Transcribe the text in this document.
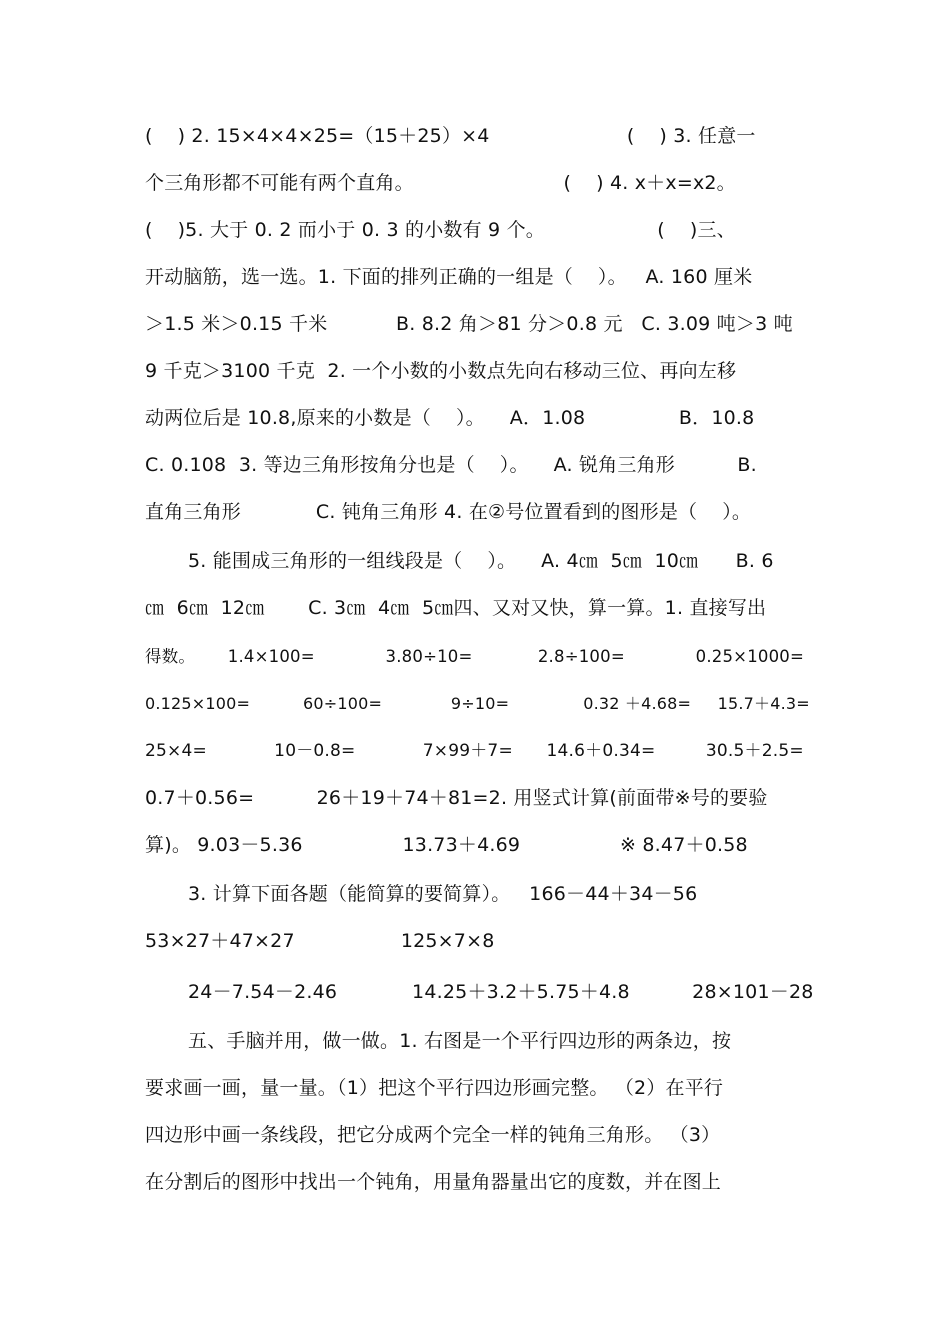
(    ) 2. 15×4×4×25=（15＋25）×4                      (    ) 3. 任意一
个三角形都不可能有两个直角。                        (    ) 4. x＋x=x2。
(    )5. 大于 0. 2 而小于 0. 3 的小数有 9 个。                  (    )三、
开动脑筋，选一选。1. 下面的排列正确的一组是（    ）。   A. 160 厘米
＞1.5 米＞0.15 千米           B. 8.2 角＞81 分＞0.8 元   C. 3.09 吨＞3 吨
9 千克＞3100 千克  2. 一个小数的小数点先向右移动三位、再向左移
动两位后是 10.8,原来的小数是（    ）。    A．1.08               B．10.8
C. 0.108  3. 等边三角形按角分也是（    ）。    A. 锐角三角形          B.
直角三角形            C. 钝角三角形 4. 在②号位置看到的图形是（    ）。
5. 能围成三角形的一组线段是（    ）。    A. 4㎝  5㎝  10㎝      B. 6
㎝  6㎝  12㎝       C. 3㎝  4㎝  5㎝四、又对又快，算一算。1. 直接写出
得数。      1.4×100=             3.80÷10=            2.8÷100=             0.25×1000=
0.125×100=          60÷100=             9÷10=              0.32 ＋4.68=     15.7＋4.3=
25×4=            10－0.8=            7×99＋7=      14.6＋0.34=         30.5＋2.5=
0.7＋0.56=          26＋19＋74＋81=2. 用竖式计算(前面带※号的要验
算)。 9.03－5.36                13.73＋4.69                ※ 8.47＋0.58
3. 计算下面各题（能简算的要简算）。   166－44＋34－56
53×27＋47×27                 125×7×8
24－7.54－2.46            14.25＋3.2＋5.75＋4.8          28×101－28
五、手脑并用，做一做。1. 右图是一个平行四边形的两条边，按
要求画一画，量一量。（1）把这个平行四边形画完整。 （2）在平行
四边形中画一条线段，把它分成两个完全一样的钝角三角形。 （3）
在分割后的图形中找出一个钝角，用量角器量出它的度数，并在图上
